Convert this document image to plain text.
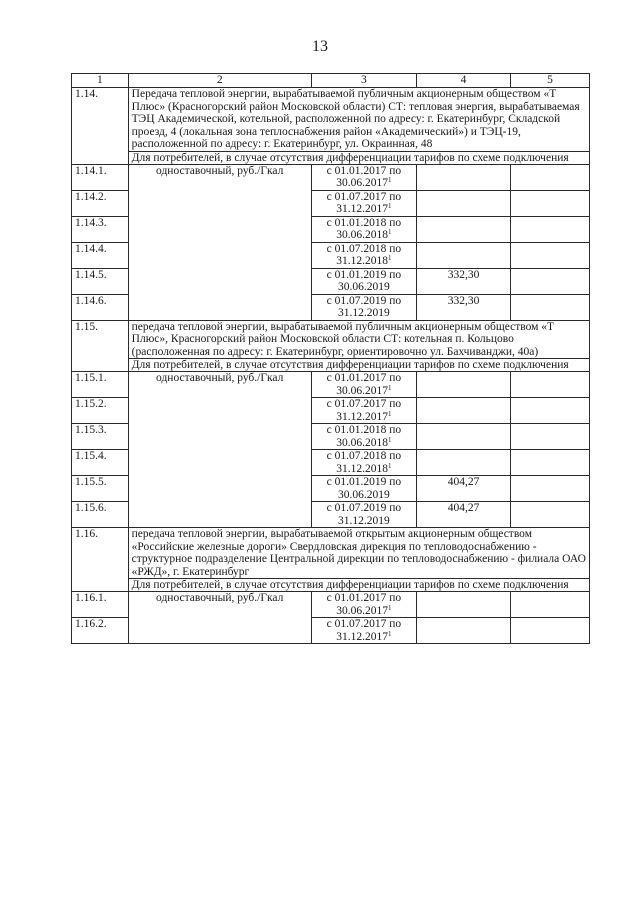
13
1	2	3	4	5
1.14.	Передача тепловой энергии, вырабатываемой публичным акционерным обществом «Т Плюс» (Красногорский район Московской области) СТ: тепловая энергия, вырабатываемая ТЭЦ Академической, котельной, расположенной по адресу: г. Екатеринбург, Складской проезд, 4 (локальная зона теплоснабжения район «Академический») и ТЭЦ-19, расположенной по адресу: г. Екатеринбург, ул. Окраинная, 48			
	Для потребителей, в случае отсутствия дифференциации тарифов по схеме подключения			
1.14.1.	одноставочный, руб./Гкал	с 01.01.2017 по
30.06.2017$^1$

1.14.2.		с 01.07.2017 по
31.12.2017$^1$

1.14.3.		с 01.01.2018 по
30.06.2018$^1$

1.14.4.		с 01.07.2018 по
31.12.2018$^1$

1.14.5.		с 01.01.2019 по
30.06.2019	332,30	
1.14.6.		с 01.07.2019 по
31.12.2019	332,30	
1.15.	передача тепловой энергии, вырабатываемой публичным акционерным обществом «Т Плюс», Красногорский район Московской области СТ: котельная п. Кольцово (расположенная по адресу: г. Екатеринбург, ориентировочно ул. Бахчиванджи, 40а)			
	Для потребителей, в случае отсутствия дифференциации тарифов по схеме подключения			
1.15.1.	одноставочный, руб./Гкал	с 01.01.2017 по
30.06.2017$^1$

1.15.2.		с 01.07.2017 по
31.12.2017$^1$

1.15.3.		с 01.01.2018 по
30.06.2018$^1$

1.15.4.		с 01.07.2018 по
31.12.2018$^1$

1.15.5.		с 01.01.2019 по
30.06.2019	404,27	
1.15.6.		с 01.07.2019 по
31.12.2019	404,27	
1.16.	передача тепловой энергии, вырабатываемой открытым акционерным обществом «Российские железные дороги» Свердловская дирекция по тепловодоснабжению - структурное подразделение Центральной дирекции по тепловодоснабжению - филиала ОАО «РЖД», г. Екатеринбург			
	Для потребителей, в случае отсутствия дифференциации тарифов по схеме подключения			
1.16.1.	одноставочный, руб./Гкал	с 01.01.2017 по
30.06.2017$^1$

1.16.2.		с 01.07.2017 по
31.12.2017$^1$
